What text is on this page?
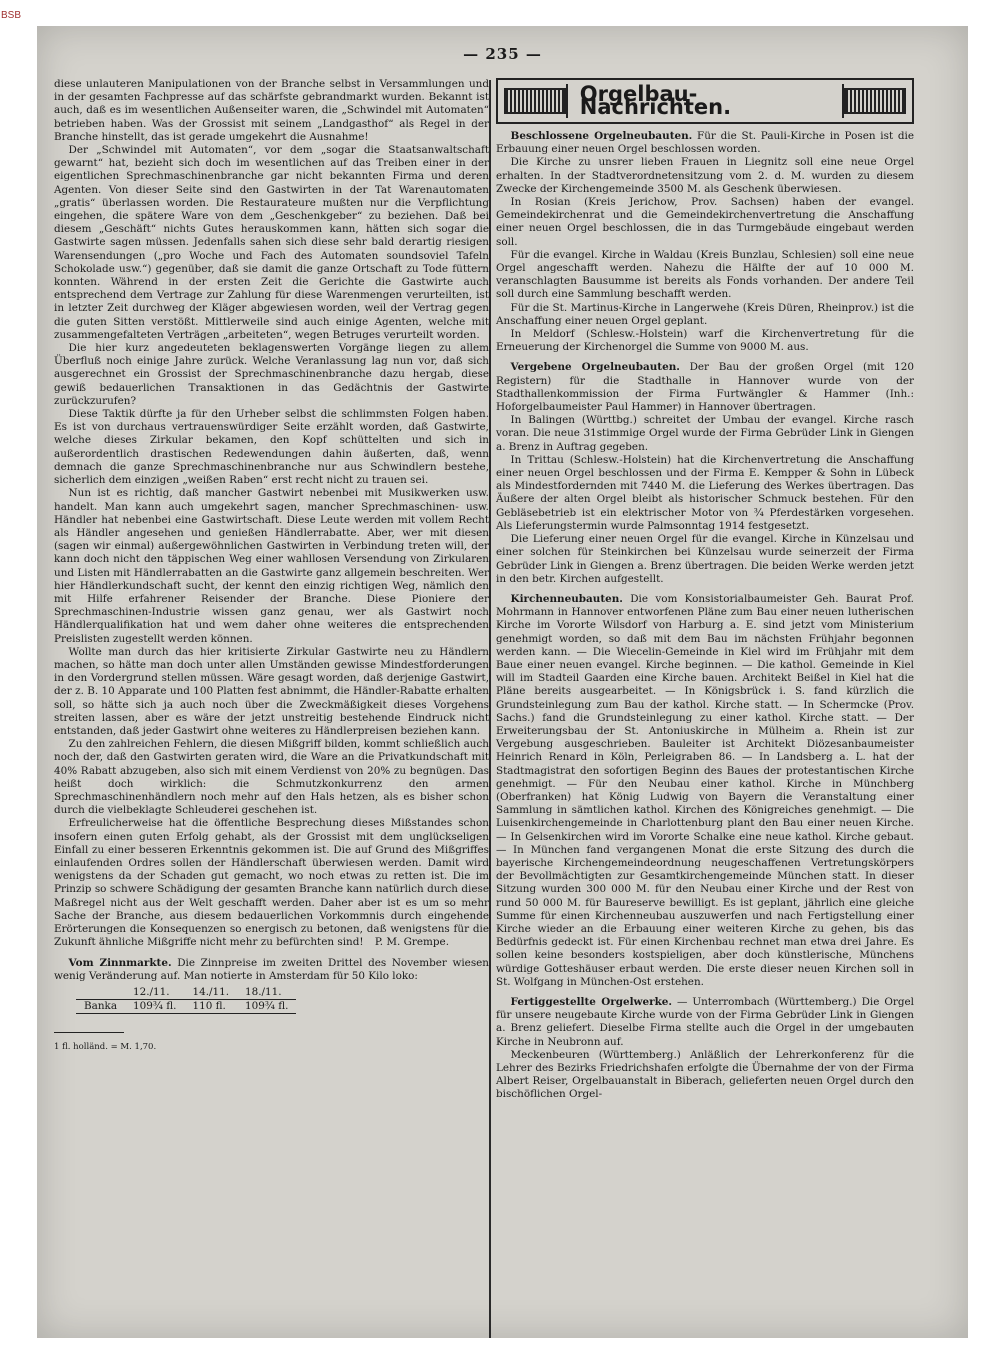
BSB
— 235 —

diese unlauteren Manipulationen von der Branche selbst in Versammlungen und in der gesamten Fachpresse auf das schärfste gebrandmarkt wurden. Bekannt ist auch, daß es im wesentlichen Außenseiter waren, die „Schwindel mit Automaten“ betrieben haben. Was der Grossist mit seinem „Landgasthof“ als Regel in der Branche hinstellt, das ist gerade umgekehrt die Ausnahme!

Der „Schwindel mit Automaten“, vor dem „sogar die Staatsanwaltschaft gewarnt“ hat, bezieht sich doch im wesentlichen auf das Treiben einer in der eigentlichen Sprechmaschinenbranche gar nicht bekannten Firma und deren Agenten. Von dieser Seite sind den Gastwirten in der Tat Warenautomaten „gratis“ überlassen worden. Die Restaurateure mußten nur die Verpflichtung eingehen, die spätere Ware von dem „Geschenkgeber“ zu beziehen. Daß bei diesem „Geschäft“ nichts Gutes herauskommen kann, hätten sich sogar die Gastwirte sagen müssen. Jedenfalls sahen sich diese sehr bald derartig riesigen Warensendungen („pro Woche und Fach des Automaten soundsoviel Tafeln Schokolade usw.“) gegenüber, daß sie damit die ganze Ortschaft zu Tode füttern konnten. Während in der ersten Zeit die Gerichte die Gastwirte auch entsprechend dem Vertrage zur Zahlung für diese Warenmengen verurteilten, ist in letzter Zeit durchweg der Kläger abgewiesen worden, weil der Vertrag gegen die guten Sitten verstößt. Mittlerweile sind auch einige Agenten, welche mit zusammengefalteten Verträgen „arbeiteten“, wegen Betruges verurteilt worden.

Die hier kurz angedeuteten beklagenswerten Vorgänge liegen zu allem Überfluß noch einige Jahre zurück. Welche Veranlassung lag nun vor, daß sich ausgerechnet ein Grossist der Sprechmaschinenbranche dazu hergab, diese gewiß bedauerlichen Transaktionen in das Gedächtnis der Gastwirte zurückzurufen?

Diese Taktik dürfte ja für den Urheber selbst die schlimmsten Folgen haben. Es ist von durchaus vertrauenswürdiger Seite erzählt worden, daß Gastwirte, welche dieses Zirkular bekamen, den Kopf schüttelten und sich in außerordentlich drastischen Redewendungen dahin äußerten, daß, wenn demnach die ganze Sprechmaschinenbranche nur aus Schwindlern bestehe, sicherlich dem einzigen „weißen Raben“ erst recht nicht zu trauen sei.

Nun ist es richtig, daß mancher Gastwirt nebenbei mit Musikwerken usw. handelt. Man kann auch umgekehrt sagen, mancher Sprechmaschinen- usw. Händler hat nebenbei eine Gastwirtschaft. Diese Leute werden mit vollem Recht als Händler angesehen und genießen Händlerrabatte. Aber, wer mit diesen (sagen wir einmal) außergewöhnlichen Gastwirten in Verbindung treten will, der kann doch nicht den täppischen Weg einer wahllosen Versendung von Zirkularen und Listen mit Händlerrabatten an die Gastwirte ganz allgemein beschreiten. Wer hier Händlerkundschaft sucht, der kennt den einzig richtigen Weg, nämlich den mit Hilfe erfahrener Reisender der Branche. Diese Pioniere der Sprechmaschinen-Industrie wissen ganz genau, wer als Gastwirt noch Händlerqualifikation hat und wem daher ohne weiteres die entsprechenden Preislisten zugestellt werden können.

Wollte man durch das hier kritisierte Zirkular Gastwirte neu zu Händlern machen, so hätte man doch unter allen Umständen gewisse Mindestforderungen in den Vordergrund stellen müssen. Wäre gesagt worden, daß derjenige Gastwirt, der z. B. 10 Apparate und 100 Platten fest abnimmt, die Händler-Rabatte erhalten soll, so hätte sich ja auch noch über die Zweckmäßigkeit dieses Vorgehens streiten lassen, aber es wäre der jetzt unstreitig bestehende Eindruck nicht entstanden, daß jeder Gastwirt ohne weiteres zu Händlerpreisen beziehen kann.

Zu den zahlreichen Fehlern, die diesen Mißgriff bilden, kommt schließlich auch noch der, daß den Gastwirten geraten wird, die Ware an die Privatkundschaft mit 40% Rabatt abzugeben, also sich mit einem Verdienst von 20% zu begnügen. Das heißt doch wirklich: die Schmutzkonkurrenz den armen Sprechmaschinenhändlern noch mehr auf den Hals hetzen, als es bisher schon durch die vielbeklagte Schleuderei geschehen ist.

Erfreulicherweise hat die öffentliche Besprechung dieses Mißstandes schon insofern einen guten Erfolg gehabt, als der Grossist mit dem unglückseligen Einfall zu einer besseren Erkenntnis gekommen ist. Die auf Grund des Mißgriffes einlaufenden Ordres sollen der Händlerschaft überwiesen werden. Damit wird wenigstens da der Schaden gut gemacht, wo noch etwas zu retten ist. Die im Prinzip so schwere Schädigung der gesamten Branche kann natürlich durch diese Maßregel nicht aus der Welt geschafft werden. Daher aber ist es um so mehr Sache der Branche, aus diesem bedauerlichen Vorkommnis durch eingehende Erörterungen die Konsequenzen so energisch zu betonen, daß wenigstens für die Zukunft ähnliche Mißgriffe nicht mehr zu befürchten sind!	P. M. Grempe.

Vom Zinnmarkte. Die Zinnpreise im zweiten Drittel des November wiesen wenig Veränderung auf. Man notierte in Amsterdam für 50 Kilo loko:

	12./11.	14./11.	18./11.
Banka	109¾ fl.	110 fl.	109¾ fl.
1 fl. holländ. = M. 1,70.
Orgelbau-Nachrichten.

Beschlossene Orgelneubauten. Für die St. Pauli-Kirche in Posen ist die Erbauung einer neuen Orgel beschlossen worden.

Die Kirche zu unsrer lieben Frauen in Liegnitz soll eine neue Orgel erhalten. In der Stadtverordnetensitzung vom 2. d. M. wurden zu diesem Zwecke der Kirchengemeinde 3500 M. als Geschenk überwiesen.

In Rosian (Kreis Jerichow, Prov. Sachsen) haben der evangel. Gemeindekirchenrat und die Gemeindekirchenvertretung die Anschaffung einer neuen Orgel beschlossen, die in das Turmgebäude eingebaut werden soll.

Für die evangel. Kirche in Waldau (Kreis Bunzlau, Schlesien) soll eine neue Orgel angeschafft werden. Nahezu die Hälfte der auf 10 000 M. veranschlagten Bausumme ist bereits als Fonds vorhanden. Der andere Teil soll durch eine Sammlung beschafft werden.

Für die St. Martinus-Kirche in Langerwehe (Kreis Düren, Rheinprov.) ist die Anschaffung einer neuen Orgel geplant.

In Meldorf (Schlesw.-Holstein) warf die Kirchenvertretung für die Erneuerung der Kirchenorgel die Summe von 9000 M. aus.

Vergebene Orgelneubauten. Der Bau der großen Orgel (mit 120 Registern) für die Stadthalle in Hannover wurde von der Stadthallenkommission der Firma Furtwängler & Hammer (Inh.: Hoforgelbaumeister Paul Hammer) in Hannover übertragen.

In Balingen (Württbg.) schreitet der Umbau der evangel. Kirche rasch voran. Die neue 31stimmige Orgel wurde der Firma Gebrüder Link in Giengen a. Brenz in Auftrag gegeben.

In Trittau (Schlesw.-Holstein) hat die Kirchenvertretung die Anschaffung einer neuen Orgel beschlossen und der Firma E. Kempper & Sohn in Lübeck als Mindestfordernden mit 7440 M. die Lieferung des Werkes übertragen. Das Äußere der alten Orgel bleibt als historischer Schmuck bestehen. Für den Gebläsebetrieb ist ein elektrischer Motor von ¾ Pferdestärken vorgesehen. Als Lieferungstermin wurde Palmsonntag 1914 festgesetzt.

Die Lieferung einer neuen Orgel für die evangel. Kirche in Künzelsau und einer solchen für Steinkirchen bei Künzelsau wurde seinerzeit der Firma Gebrüder Link in Giengen a. Brenz übertragen. Die beiden Werke werden jetzt in den betr. Kirchen aufgestellt.

Kirchenneubauten. Die vom Konsistorialbaumeister Geh. Baurat Prof. Mohrmann in Hannover entworfenen Pläne zum Bau einer neuen lutherischen Kirche im Vororte Wilsdorf von Harburg a. E. sind jetzt vom Ministerium genehmigt worden, so daß mit dem Bau im nächsten Frühjahr begonnen werden kann. — Die Wiecelin-Gemeinde in Kiel wird im Frühjahr mit dem Baue einer neuen evangel. Kirche beginnen. — Die kathol. Gemeinde in Kiel will im Stadteil Gaarden eine Kirche bauen. Architekt Beißel in Kiel hat die Pläne bereits ausgearbeitet. — In Königsbrück i. S. fand kürzlich die Grundsteinlegung zum Bau der kathol. Kirche statt. — In Schermcke (Prov. Sachs.) fand die Grundsteinlegung zu einer kathol. Kirche statt. — Der Erweiterungsbau der St. Antoniuskirche in Mülheim a. Rhein ist zur Vergebung ausgeschrieben. Bauleiter ist Architekt Diözesanbaumeister Heinrich Renard in Köln, Perleigraben 86. — In Landsberg a. L. hat der Stadtmagistrat den sofortigen Beginn des Baues der protestantischen Kirche genehmigt. — Für den Neubau einer kathol. Kirche in Münchberg (Oberfranken) hat König Ludwig von Bayern die Veranstaltung einer Sammlung in sämtlichen kathol. Kirchen des Königreiches genehmigt. — Die Luisenkirchengemeinde in Charlottenburg plant den Bau einer neuen Kirche. — In Gelsenkirchen wird im Vororte Schalke eine neue kathol. Kirche gebaut. — In München fand vergangenen Monat die erste Sitzung des durch die bayerische Kirchengemeindeordnung neugeschaffenen Vertretungskörpers der Bevollmächtigten zur Gesamtkirchengemeinde München statt. In dieser Sitzung wurden 300 000 M. für den Neubau einer Kirche und der Rest von rund 50 000 M. für Baureserve bewilligt. Es ist geplant, jährlich eine gleiche Summe für einen Kirchenneubau auszuwerfen und nach Fertigstellung einer Kirche wieder an die Erbauung einer weiteren Kirche zu gehen, bis das Bedürfnis gedeckt ist. Für einen Kirchenbau rechnet man etwa drei Jahre. Es sollen keine besonders kostspieligen, aber doch künstlerische, Münchens würdige Gotteshäuser erbaut werden. Die erste dieser neuen Kirchen soll in St. Wolfgang in München-Ost erstehen.

Fertiggestellte Orgelwerke. — Unterrombach (Württemberg.) Die Orgel für unsere neugebaute Kirche wurde von der Firma Gebrüder Link in Giengen a. Brenz geliefert. Dieselbe Firma stellte auch die Orgel in der umgebauten Kirche in Neubronn auf.

Meckenbeuren (Württemberg.) Anläßlich der Lehrerkonferenz für die Lehrer des Bezirks Friedrichshafen erfolgte die Übernahme der von der Firma Albert Reiser, Orgelbauanstalt in Biberach, gelieferten neuen Orgel durch den bischöflichen Orgel-
